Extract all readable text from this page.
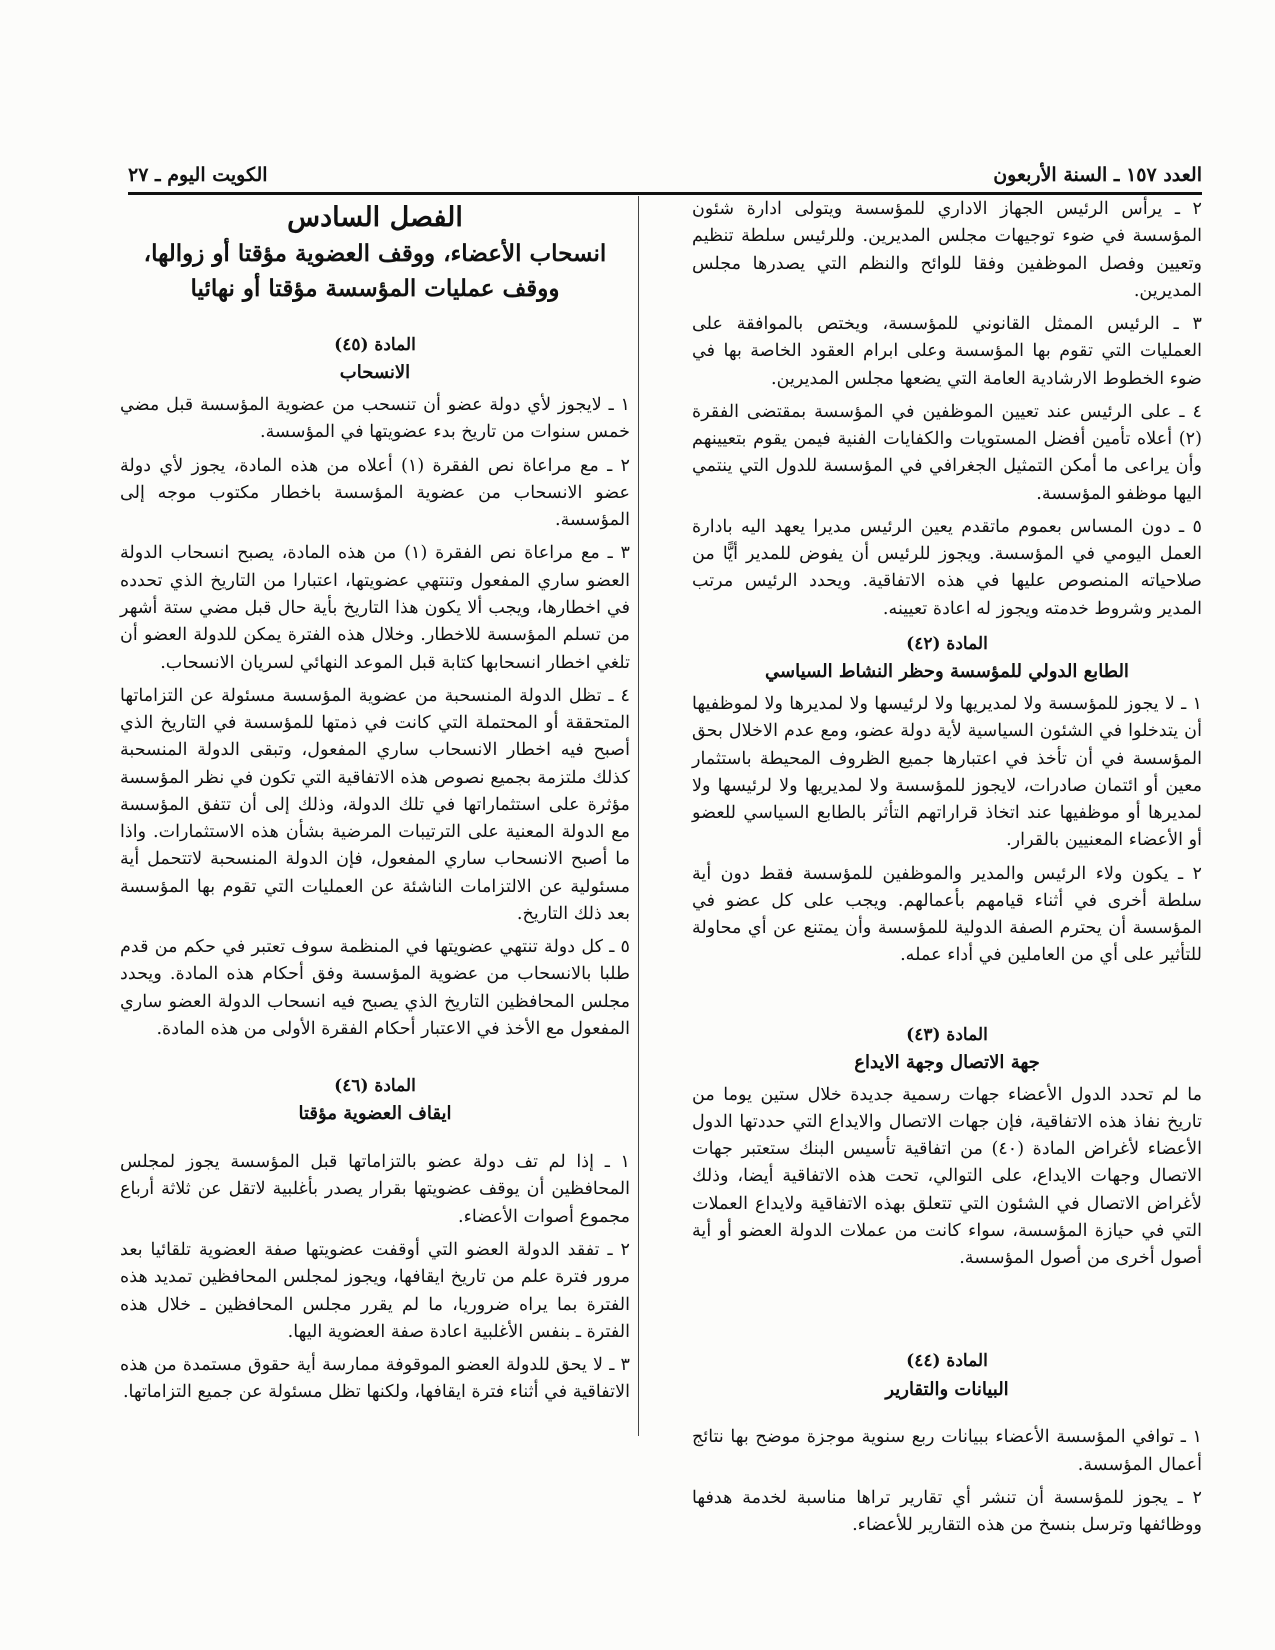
العدد ١٥٧ ـ السنة الأربعون
الكويت اليوم ـ ٢٧

٢ ـ يرأس الرئيس الجهاز الاداري للمؤسسة ويتولى ادارة شئون المؤسسة في ضوء توجيهات مجلس المديرين. وللرئيس سلطة تنظيم وتعيين وفصل الموظفين وفقا للوائح والنظم التي يصدرها مجلس المديرين.

٣ ـ الرئيس الممثل القانوني للمؤسسة، ويختص بالموافقة على العمليات التي تقوم بها المؤسسة وعلى ابرام العقود الخاصة بها في ضوء الخطوط الارشادية العامة التي يضعها مجلس المديرين.

٤ ـ على الرئيس عند تعيين الموظفين في المؤسسة بمقتضى الفقرة (٢) أعلاه تأمين أفضل المستويات والكفايات الفنية فيمن يقوم بتعيينهم وأن يراعى ما أمكن التمثيل الجغرافي في المؤسسة للدول التي ينتمي اليها موظفو المؤسسة.

٥ ـ دون المساس بعموم ماتقدم يعين الرئيس مديرا يعهد اليه بادارة العمل اليومي في المؤسسة. ويجوز للرئيس أن يفوض للمدير أيًّا من صلاحياته المنصوص عليها في هذه الاتفاقية. ويحدد الرئيس مرتب المدير وشروط خدمته ويجوز له اعادة تعيينه.

المادة (٤٢)
الطابع الدولي للمؤسسة وحظر النشاط السياسي

١ ـ لا يجوز للمؤسسة ولا لمديريها ولا لرئيسها ولا لمديرها ولا لموظفيها أن يتدخلوا في الشئون السياسية لأية دولة عضو، ومع عدم الاخلال بحق المؤسسة في أن تأخذ في اعتبارها جميع الظروف المحيطة باستثمار معين أو ائتمان صادرات، لايجوز للمؤسسة ولا لمديريها ولا لرئيسها ولا لمديرها أو موظفيها عند اتخاذ قراراتهم التأثر بالطابع السياسي للعضو أو الأعضاء المعنيين بالقرار.

٢ ـ يكون ولاء الرئيس والمدير والموظفين للمؤسسة فقط دون أية سلطة أخرى في أثناء قيامهم بأعمالهم. ويجب على كل عضو في المؤسسة أن يحترم الصفة الدولية للمؤسسة وأن يمتنع عن أي محاولة للتأثير على أي من العاملين في أداء عمله.

المادة (٤٣)
جهة الاتصال وجهة الايداع

ما لم تحدد الدول الأعضاء جهات رسمية جديدة خلال ستين يوما من تاريخ نفاذ هذه الاتفاقية، فإن جهات الاتصال والايداع التي حددتها الدول الأعضاء لأغراض المادة (٤٠) من اتفاقية تأسيس البنك ستعتبر جهات الاتصال وجهات الايداع، على التوالي، تحت هذه الاتفاقية أيضا، وذلك لأغراض الاتصال في الشئون التي تتعلق بهذه الاتفاقية ولايداع العملات التي في حيازة المؤسسة، سواء كانت من عملات الدولة العضو أو أية أصول أخرى من أصول المؤسسة.

المادة (٤٤)
البيانات والتقارير

١ ـ توافي المؤسسة الأعضاء ببيانات ربع سنوية موجزة موضح بها نتائج أعمال المؤسسة.

٢ ـ يجوز للمؤسسة أن تنشر أي تقارير تراها مناسبة لخدمة هدفها ووظائفها وترسل بنسخ من هذه التقارير للأعضاء.

الفصل السادس
انسحاب الأعضاء، ووقف العضوية مؤقتا أو زوالها،
ووقف عمليات المؤسسة مؤقتا أو نهائيا
المادة (٤٥)
الانسحاب

١ ـ لايجوز لأي دولة عضو أن تنسحب من عضوية المؤسسة قبل مضي خمس سنوات من تاريخ بدء عضويتها في المؤسسة.

٢ ـ مع مراعاة نص الفقرة (١) أعلاه من هذه المادة، يجوز لأي دولة عضو الانسحاب من عضوية المؤسسة باخطار مكتوب موجه إلى المؤسسة.

٣ ـ مع مراعاة نص الفقرة (١) من هذه المادة، يصبح انسحاب الدولة العضو ساري المفعول وتنتهي عضويتها، اعتبارا من التاريخ الذي تحدده في اخطارها، ويجب ألا يكون هذا التاريخ بأية حال قبل مضي ستة أشهر من تسلم المؤسسة للاخطار. وخلال هذه الفترة يمكن للدولة العضو أن تلغي اخطار انسحابها كتابة قبل الموعد النهائي لسريان الانسحاب.

٤ ـ تظل الدولة المنسحبة من عضوية المؤسسة مسئولة عن التزاماتها المتحققة أو المحتملة التي كانت في ذمتها للمؤسسة في التاريخ الذي أصبح فيه اخطار الانسحاب ساري المفعول، وتبقى الدولة المنسحبة كذلك ملتزمة بجميع نصوص هذه الاتفاقية التي تكون في نظر المؤسسة مؤثرة على استثماراتها في تلك الدولة، وذلك إلى أن تتفق المؤسسة مع الدولة المعنية على الترتيبات المرضية بشأن هذه الاستثمارات. واذا ما أصبح الانسحاب ساري المفعول، فإن الدولة المنسحبة لاتتحمل أية مسئولية عن الالتزامات الناشئة عن العمليات التي تقوم بها المؤسسة بعد ذلك التاريخ.

٥ ـ كل دولة تنتهي عضويتها في المنظمة سوف تعتبر في حكم من قدم طلبا بالانسحاب من عضوية المؤسسة وفق أحكام هذه المادة. ويحدد مجلس المحافظين التاريخ الذي يصبح فيه انسحاب الدولة العضو ساري المفعول مع الأخذ في الاعتبار أحكام الفقرة الأولى من هذه المادة.

المادة (٤٦)
ايقاف العضوية مؤقتا

١ ـ إذا لم تف دولة عضو بالتزاماتها قبل المؤسسة يجوز لمجلس المحافظين أن يوقف عضويتها بقرار يصدر بأغلبية لاتقل عن ثلاثة أرباع مجموع أصوات الأعضاء.

٢ ـ تفقد الدولة العضو التي أوقفت عضويتها صفة العضوية تلقائيا بعد مرور فترة علم من تاريخ ايقافها، ويجوز لمجلس المحافظين تمديد هذه الفترة بما يراه ضروريا، ما لم يقرر مجلس المحافظين ـ خلال هذه الفترة ـ بنفس الأغلبية اعادة صفة العضوية اليها.

٣ ـ لا يحق للدولة العضو الموقوفة ممارسة أية حقوق مستمدة من هذه الاتفاقية في أثناء فترة ايقافها، ولكنها تظل مسئولة عن جميع التزاماتها.
